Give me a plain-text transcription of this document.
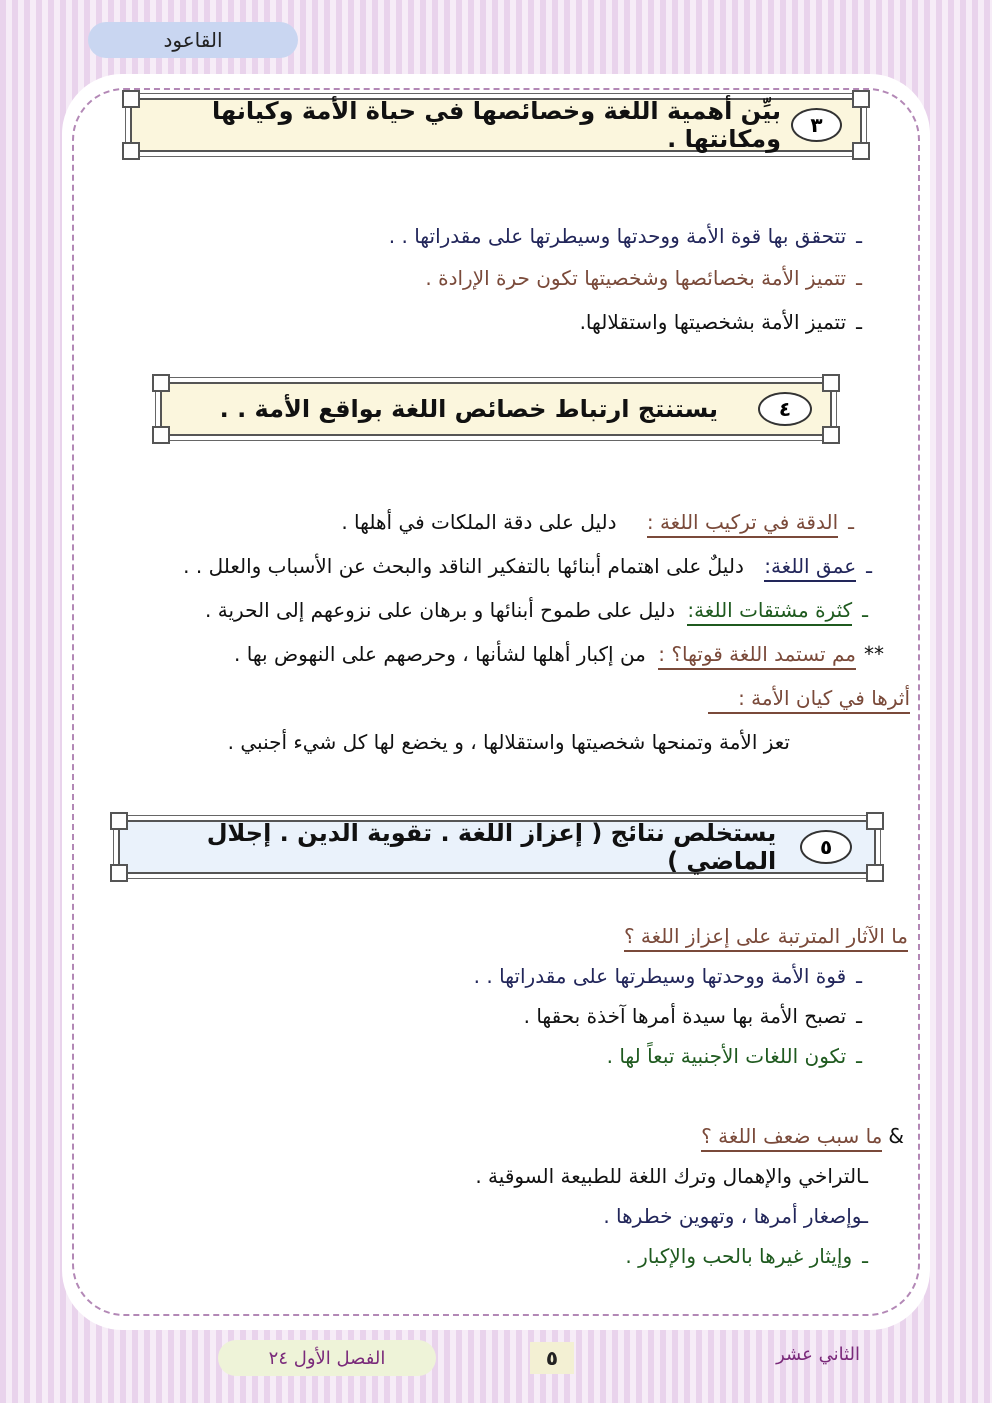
القاعود
٣
بيِّن أهمية اللغة وخصائصها في حياة الأمة وكيانها ومكانتها .
ـتتحقق بها قوة الأمة ووحدتها وسيطرتها على مقدراتها . .
ـتتميز الأمة بخصائصها وشخصيتها تكون حرة الإرادة .
ـتتميز الأمة بشخصيتها واستقلالها.
٤
يستنتج ارتباط خصائص اللغة بواقع الأمة . .
ـالدقة في تركيب اللغة : دليل على دقة الملكات في أهلها .
ـعمق اللغة: دليلٌ على اهتمام أبنائها بالتفكير الناقد والبحث عن الأسباب والعلل . .
ـكثرة مشتقات اللغة: دليل على طموح أبنائها و برهان على نزوعهم إلى الحرية .
**مم تستمد اللغة قوتها؟ : من إكبار أهلها لشأنها ، وحرصهم على النهوض بها .
أثرها في كيان الأمة :
تعز الأمة وتمنحها شخصيتها واستقلالها ، و يخضع لها كل شيء أجنبي .
٥
يستخلص نتائج ( إعزاز اللغة . تقوية الدين . إجلال الماضي )
ما الآثار المترتبة على إعزاز اللغة ؟
ـقوة الأمة ووحدتها وسيطرتها على مقدراتها . .
ـتصبح الأمة بها سيدة أمرها آخذة بحقها .
ـتكون اللغات الأجنبية تبعاً لها .
&ما سبب ضعف اللغة ؟
ـالتراخي والإهمال وترك اللغة للطبيعة السوقية .
ـوإصغار أمرها ، وتهوين خطرها .
ـوإيثار غيرها بالحب والإكبار .
الفصل الأول ٢٤	٥	الثاني عشر
